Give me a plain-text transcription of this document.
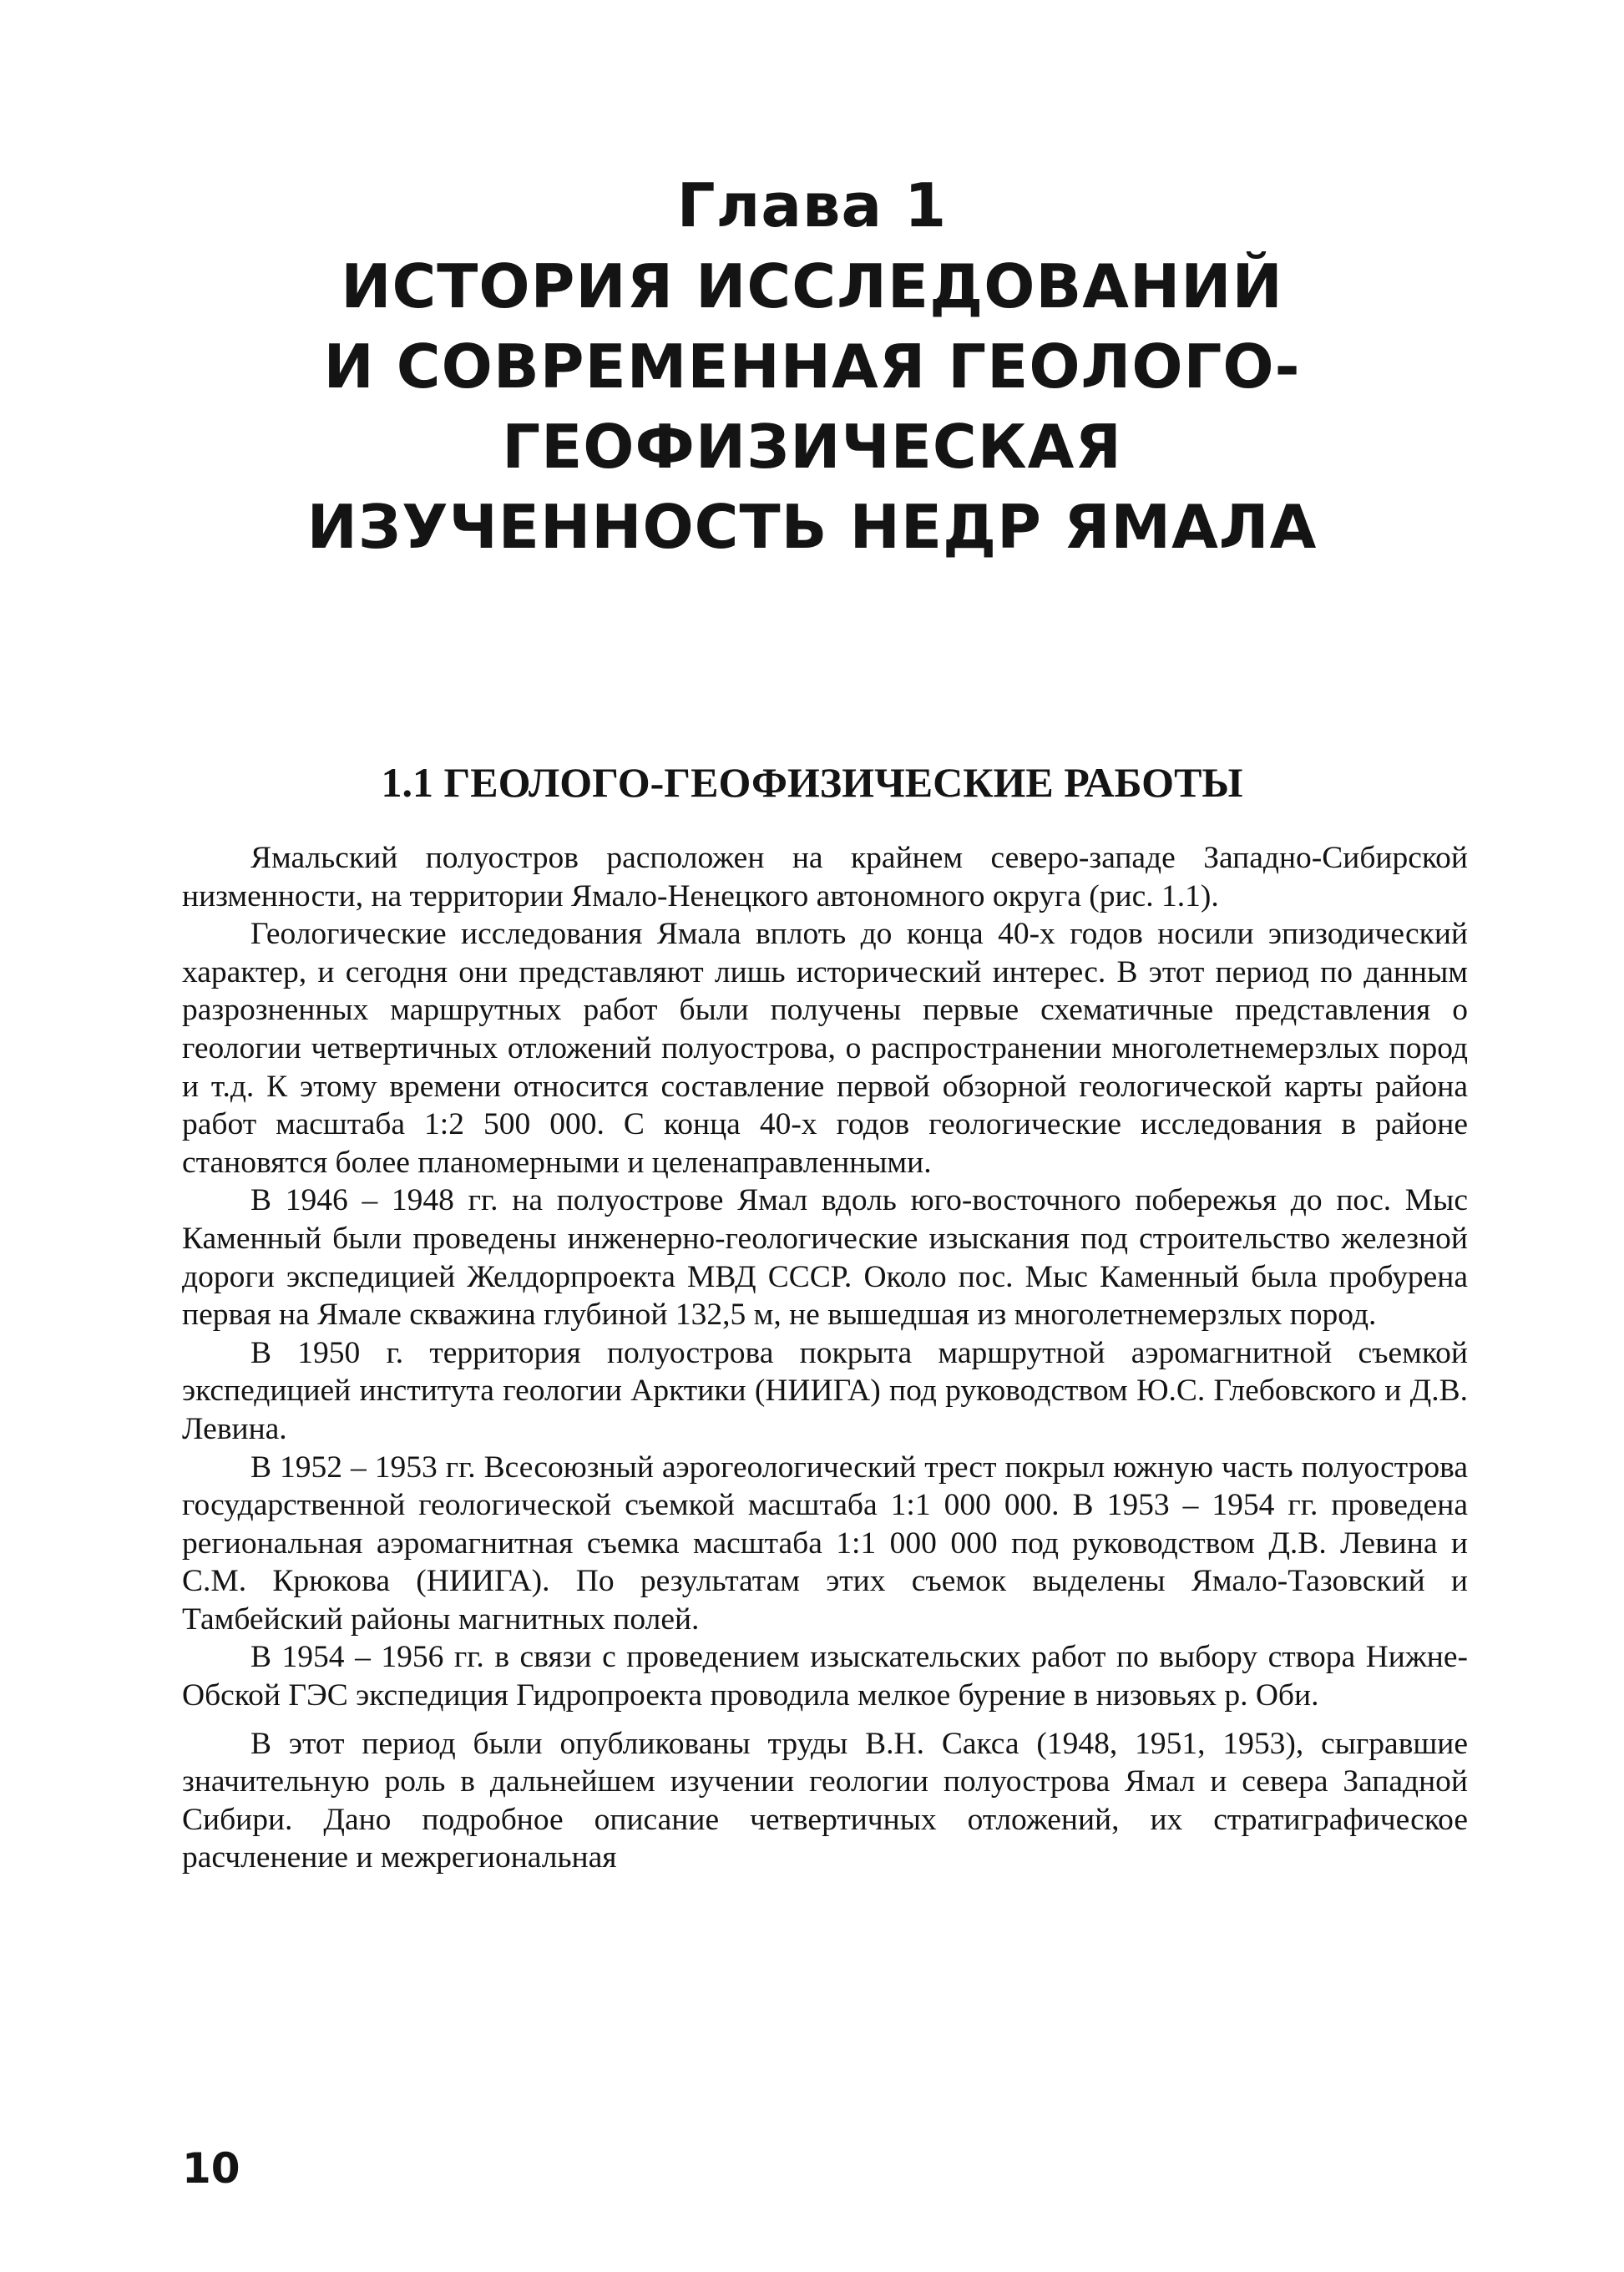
Глава 1
ИСТОРИЯ ИССЛЕДОВАНИЙ
И СОВРЕМЕННАЯ ГЕОЛОГО-
ГЕОФИЗИЧЕСКАЯ
ИЗУЧЕННОСТЬ НЕДР ЯМАЛА
1.1 ГЕОЛОГО-ГЕОФИЗИЧЕСКИЕ РАБОТЫ

Ямальский полуостров расположен на крайнем северо-западе Западно-Сибирской низменности, на территории Ямало-Ненецкого автономного округа (рис. 1.1).

Геологические исследования Ямала вплоть до конца 40-х годов носили эпизодический характер, и сегодня они представляют лишь исторический интерес. В этот период по данным разрозненных маршрутных работ были получены первые схематичные представления о геологии четвертичных отложений полуострова, о распространении многолетнемерзлых пород и т.д. К этому времени относится составление первой обзорной геологической карты района работ масштаба 1:2 500 000. С конца 40-х годов геологические исследования в районе становятся более планомерными и целенаправленными.

В 1946 – 1948 гг. на полуострове Ямал вдоль юго-восточного побережья до пос. Мыс Каменный были проведены инженерно-геологические изыскания под строительство железной дороги экспедицией Желдорпроекта МВД СССР. Около пос. Мыс Каменный была пробурена первая на Ямале скважина глубиной 132,5 м, не вышедшая из многолетнемерзлых пород.

В 1950 г. территория полуострова покрыта маршрутной аэромагнитной съемкой экспедицией института геологии Арктики (НИИГА) под руководством Ю.С. Глебовского и Д.В. Левина.

В 1952 – 1953 гг. Всесоюзный аэрогеологический трест покрыл южную часть полуострова государственной геологической съемкой масштаба 1:1 000 000. В 1953 – 1954 гг. проведена региональная аэромагнитная съемка масштаба 1:1 000 000 под руководством Д.В. Левина и С.М. Крюкова (НИИГА). По результатам этих съемок выделены Ямало-Тазовский и Тамбейский районы магнитных полей.

В 1954 – 1956 гг. в связи с проведением изыскательских работ по выбору створа Нижне-Обской ГЭС экспедиция Гидропроекта проводила мелкое бурение в низовьях р. Оби.

В этот период были опубликованы труды В.Н. Сакса (1948, 1951, 1953), сыгравшие значительную роль в дальнейшем изучении геологии полуострова Ямал и севера Западной Сибири. Дано подробное описание четвертичных отложений, их стратиграфическое расчленение и межрегиональная

10
